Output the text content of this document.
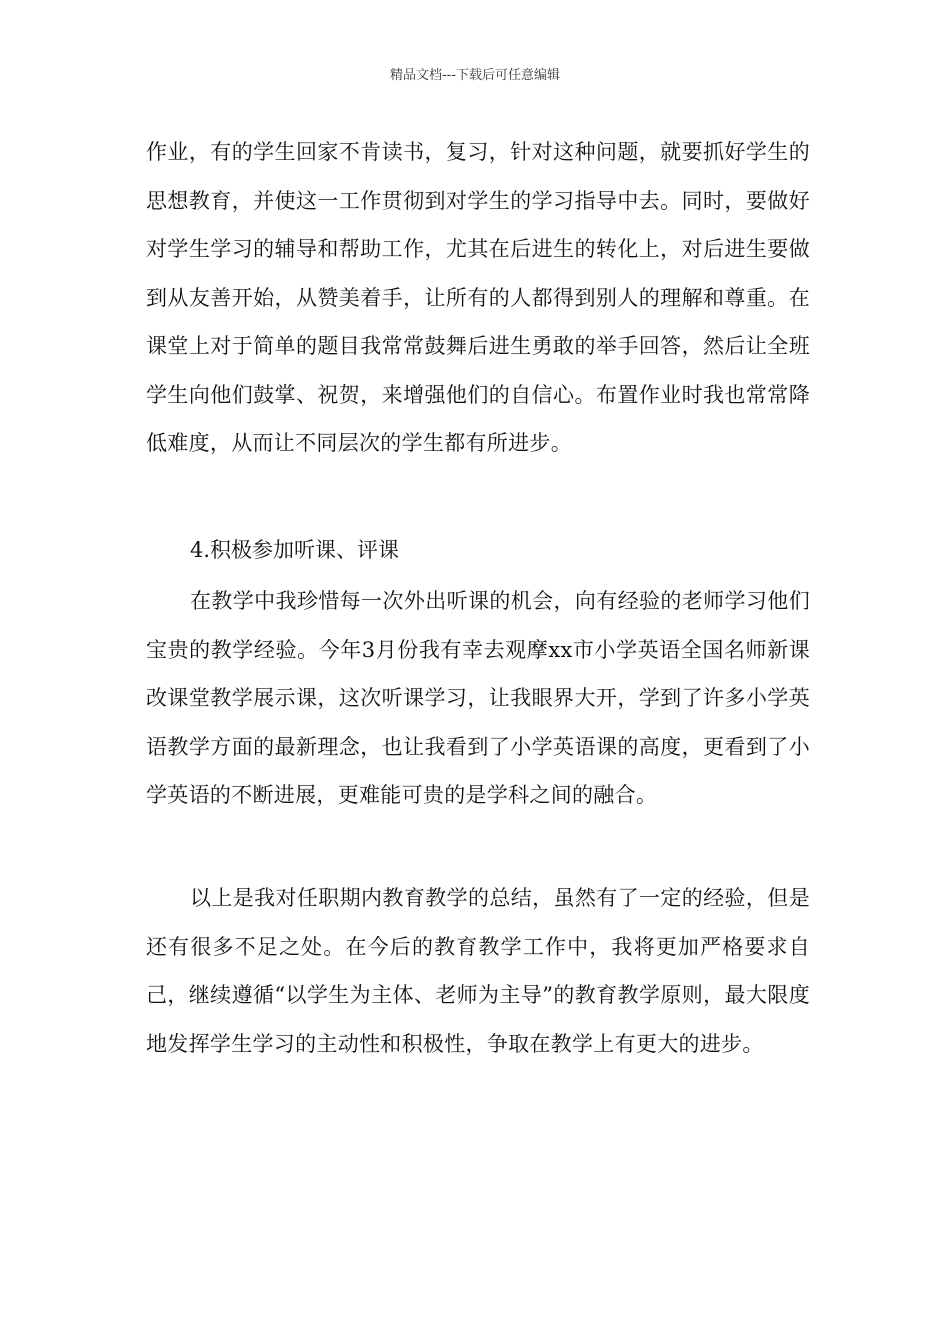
精品文档---下载后可任意编辑

作业，有的学生回家不肯读书，复习，针对这种问题，就要抓好学生的思想教育，并使这一工作贯彻到对学生的学习指导中去。同时，要做好对学生学习的辅导和帮助工作，尤其在后进生的转化上，对后进生要做到从友善开始，从赞美着手，让所有的人都得到别人的理解和尊重。在课堂上对于简单的题目我常常鼓舞后进生勇敢的举手回答，然后让全班学生向他们鼓掌、祝贺，来增强他们的自信心。布置作业时我也常常降低难度，从而让不同层次的学生都有所进步。

4.积极参加听课、评课

在教学中我珍惜每一次外出听课的机会，向有经验的老师学习他们宝贵的教学经验。今年3月份我有幸去观摩xx市小学英语全国名师新课改课堂教学展示课，这次听课学习，让我眼界大开，学到了许多小学英语教学方面的最新理念，也让我看到了小学英语课的高度，更看到了小学英语的不断进展，更难能可贵的是学科之间的融合。

以上是我对任职期内教育教学的总结，虽然有了一定的经验，但是还有很多不足之处。在今后的教育教学工作中，我将更加严格要求自己，继续遵循“以学生为主体、老师为主导”的教育教学原则，最大限度地发挥学生学习的主动性和积极性，争取在教学上有更大的进步。
